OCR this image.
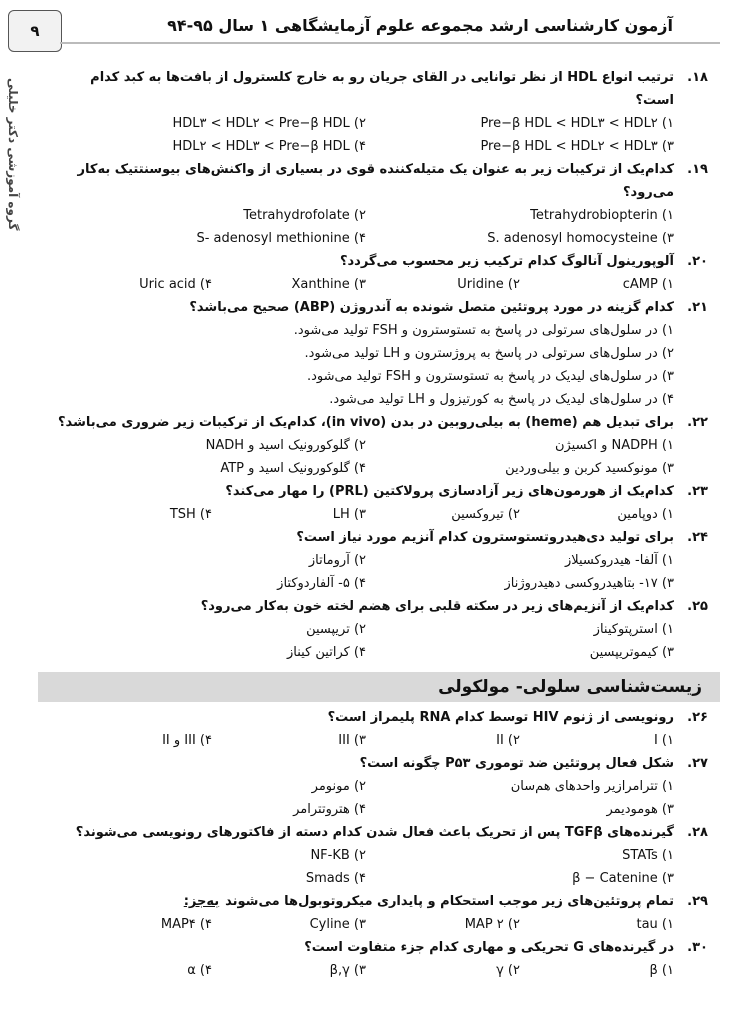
۹	آزمون کارشناسی ارشد مجموعه علوم آزمایشگاهی ۱ سال ۹۵-۹۴
گروه آموزشی دکتر خلیلی
۱۸.
ترتیب انواع HDL از نظر توانایی در القای جریان رو به خارج کلسترول از بافت‌ها به کبد کدام است؟
۱) Pre−β HDL < HDL۳ < HDL۲
۲) HDL۳ < HDL۲ < Pre−β HDL
۳) Pre−β HDL < HDL۲ < HDL۳
۴) HDL۲ < HDL۳ < Pre−β HDL
۱۹.
کدام‌یک از ترکیبات زیر به عنوان یک متیله‌کننده قوی در بسیاری از واکنش‌های بیوسنتتیک به‌کار می‌رود؟
۱) Tetrahydrobiopterin
۲) Tetrahydrofolate
۳) S. adenosyl homocysteine
۴) S- adenosyl methionine
۲۰.
آلوپورینول آنالوگ کدام ترکیب زیر محسوب می‌گردد؟
۱) cAMP
۲) Uridine
۳) Xanthine
۴) Uric acid
۲۱.
کدام گزینه در مورد پروتئین متصل شونده به آندروژن (ABP) صحیح می‌باشد؟
۱) در سلول‌های سرتولی در پاسخ به تستوسترون و FSH تولید می‌شود.
۲) در سلول‌های سرتولی در پاسخ به پروژسترون و LH تولید می‌شود.
۳) در سلول‌های لیدیک در پاسخ به تستوسترون و FSH تولید می‌شود.
۴) در سلول‌های لیدیک در پاسخ به کورتیزول و LH تولید می‌شود.
۲۲.
برای تبدیل هم (heme) به بیلی‌روبین در بدن (in vivo)، کدام‌یک از ترکیبات زیر ضروری می‌باشد؟
۱) NADPH و اکسیژن
۲) گلوکورونیک اسید و NADH
۳) مونوکسید کربن و بیلی‌وردین
۴) گلوکورونیک اسید و ATP
۲۳.
کدام‌یک از هورمون‌های زیر آزادسازی پرولاکتین (PRL) را مهار می‌کند؟
۱) دوپامین
۲) تیروکسین
۳) LH
۴) TSH
۲۴.
برای تولید دی‌هیدروتستوسترون کدام آنزیم مورد نیاز است؟
۱) آلفا- هیدروکسیلاز
۲) آروماتاز
۳) ۱۷- بتاهیدروکسی دهیدروژناز
۴) ۵- آلفاردوکتاز
۲۵.
کدام‌یک از آنزیم‌های زیر در سکته قلبی برای هضم لخته خون به‌کار می‌رود؟
۱) استرپتوکیناز
۲) تریپسین
۳) کیموتریپسین
۴) کراتین کیناز
زیست‌شناسی سلولی- مولکولی
۲۶.
رونویسی از ژنوم HIV توسط کدام RNA پلیمراز است؟
۱) I
۲) II
۳) III
۴) III و II
۲۷.
شکل فعال پروتئین ضد توموری P۵۳ چگونه است؟
۱) تترامرازیر واحدهای هم‌سان
۲) مونومر
۳) هومودیمر
۴) هتروتترامر
۲۸.
گیرنده‌های TGFβ پس از تحریک باعث فعال شدن کدام دسته از فاکتورهای رونویسی می‌شوند؟
۱) STATs
۲) NF-KB
۳) β − Catenine
۴) Smads
۲۹.
تمام پروتئین‌های زیر موجب استحکام و پایداری میکروتوبول‌ها می‌شوند
به‌جز:
۱) tau
۲) MAP ۲
۳) Cyline
۴) MAP۴
۳۰.
در گیرنده‌های G تحریکی و مهاری کدام جزء متفاوت است؟
۱) β
۲) γ
۳) β,γ
۴) α
